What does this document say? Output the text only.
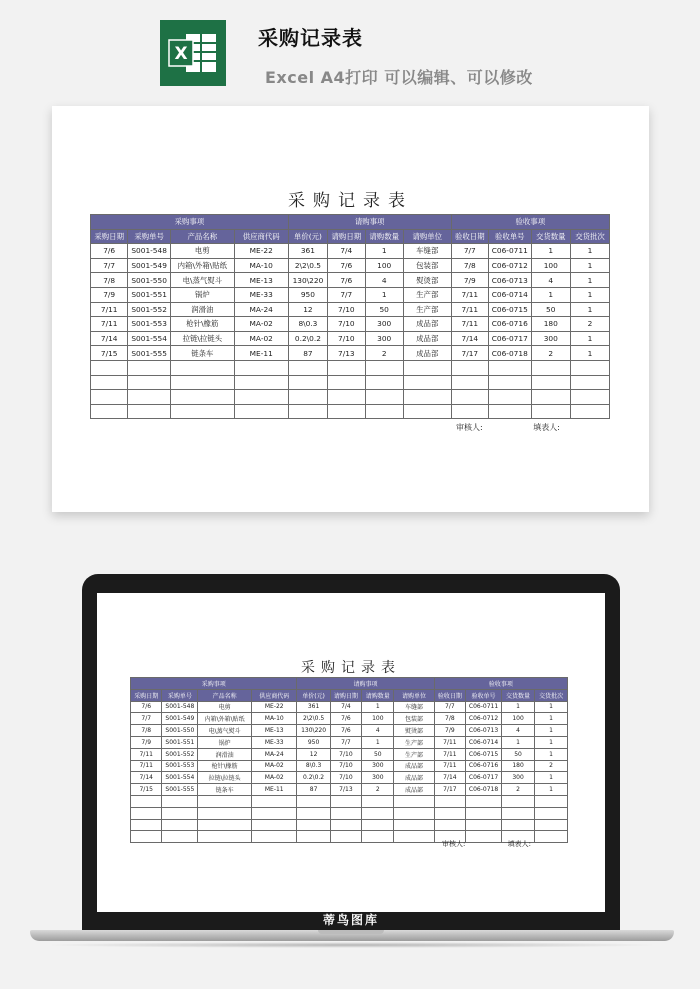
X
采购记录表
Excel A4打印 可以编辑、可以修改
采购记录表
采购事项				请购事项				验收事项			
采购日期	采购单号	产品名称	供应商代码	单价(元)	请购日期	请购数量	请购单位	验收日期	验收单号	交货数量	交货批次
7/6	S001-548	电剪	ME-22	361	7/4	1	车缝部	7/7	C06-0711	1	1
7/7	S001-549	内箱\外箱\贴纸	MA-10	2\2\0.5	7/6	100	包装部	7/8	C06-0712	100	1
7/8	S001-550	电\蒸气熨斗	ME-13	130\220	7/6	4	熨烫部	7/9	C06-0713	4	1
7/9	S001-551	锅炉	ME-33	950	7/7	1	生产部	7/11	C06-0714	1	1
7/11	S001-552	润滑油	MA-24	12	7/10	50	生产部	7/11	C06-0715	50	1
7/11	S001-553	枪针\橡筋	MA-02	8\0.3	7/10	300	成品部	7/11	C06-0716	180	2
7/14	S001-554	拉链\拉链头	MA-02	0.2\0.2	7/10	300	成品部	7/14	C06-0717	300	1
7/15	S001-555	链条车	ME-11	87	7/13	2	成品部	7/17	C06-0718	2	1

审核人:	填表人:
采购记录表
采购事项				请购事项				验收事项			
采购日期	采购单号	产品名称	供应商代码	单价(元)	请购日期	请购数量	请购单位	验收日期	验收单号	交货数量	交货批次
7/6	S001-548	电剪	ME-22	361	7/4	1	车缝部	7/7	C06-0711	1	1
7/7	S001-549	内箱\外箱\贴纸	MA-10	2\2\0.5	7/6	100	包装部	7/8	C06-0712	100	1
7/8	S001-550	电\蒸气熨斗	ME-13	130\220	7/6	4	熨烫部	7/9	C06-0713	4	1
7/9	S001-551	锅炉	ME-33	950	7/7	1	生产部	7/11	C06-0714	1	1
7/11	S001-552	润滑油	MA-24	12	7/10	50	生产部	7/11	C06-0715	50	1
7/11	S001-553	枪针\橡筋	MA-02	8\0.3	7/10	300	成品部	7/11	C06-0716	180	2
7/14	S001-554	拉链\拉链头	MA-02	0.2\0.2	7/10	300	成品部	7/14	C06-0717	300	1
7/15	S001-555	链条车	ME-11	87	7/13	2	成品部	7/17	C06-0718	2	1

审核人:	填表人:
蒂鸟图库
